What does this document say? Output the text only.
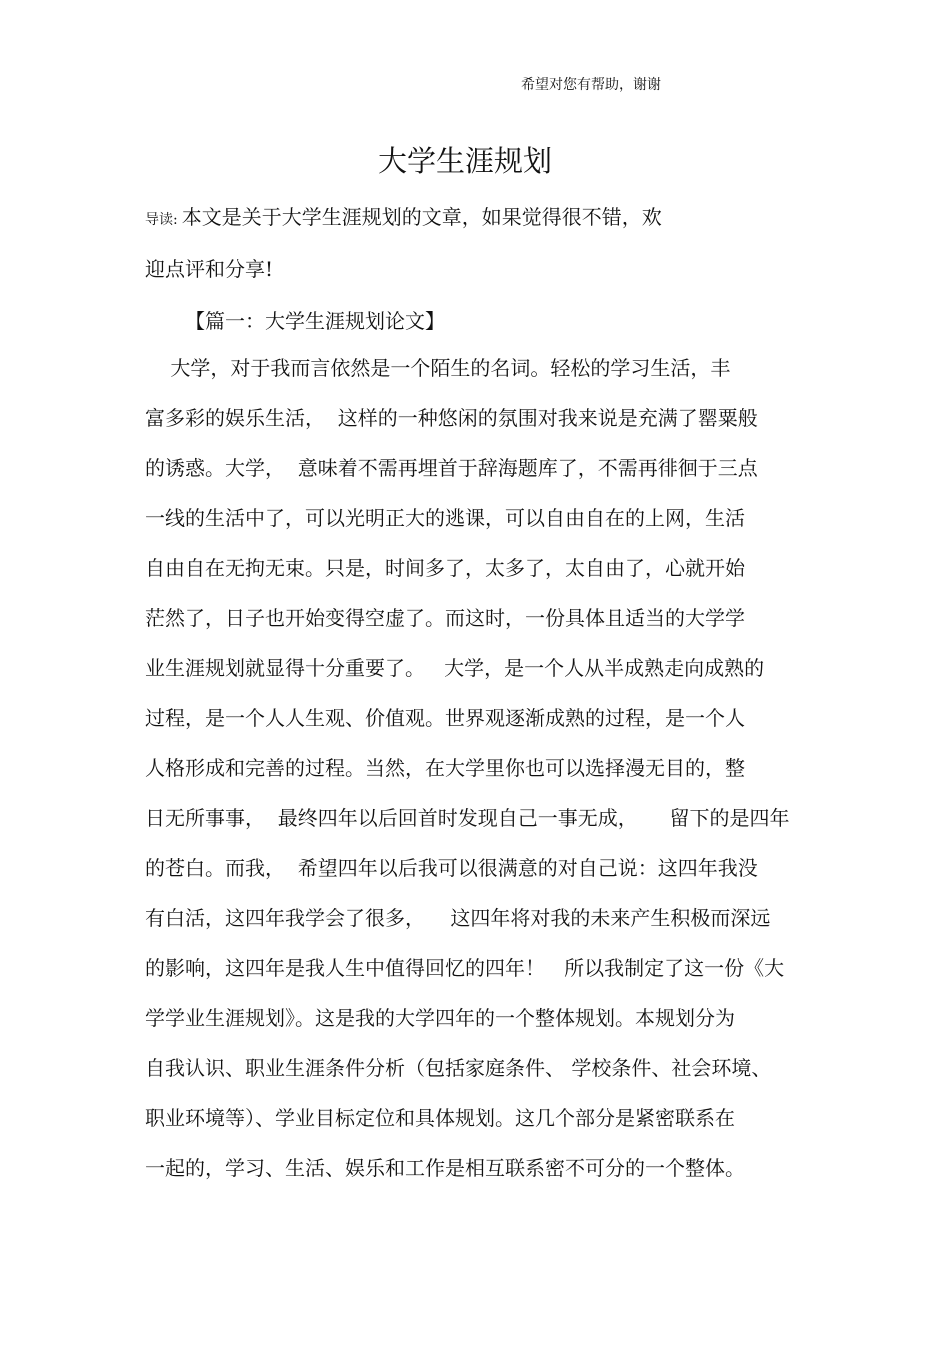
希望对您有帮助，谢谢
大学生涯规划
导读: 本文是关于大学生涯规划的文章，如果觉得很不错，欢
迎点评和分享!
【篇一：大学生涯规划论文】
大学，对于我而言依然是一个陌生的名词。轻松的学习生活，丰
富多彩的娱乐生活，  这样的一种悠闲的氛围对我来说是充满了罂粟般
的诱惑。大学，  意味着不需再埋首于辞海题库了，不需再徘徊于三点
一线的生活中了，可以光明正大的逃课，可以自由自在的上网，生活
自由自在无拘无束。只是，时间多了，太多了，太自由了，心就开始
茫然了，日子也开始变得空虚了。而这时，一份具体且适当的大学学
业生涯规划就显得十分重要了。   大学，是一个人从半成熟走向成熟的
过程，是一个人人生观、价值观。世界观逐渐成熟的过程，是一个人
人格形成和完善的过程。当然，在大学里你也可以选择漫无目的，整
日无所事事，  最终四年以后回首时发现自己一事无成，     留下的是四年
的苍白。而我，  希望四年以后我可以很满意的对自己说：这四年我没
有白活，这四年我学会了很多，    这四年将对我的未来产生积极而深远
的影响，这四年是我人生中值得回忆的四年！   所以我制定了这一份《大
学学业生涯规划》。这是我的大学四年的一个整体规划。本规划分为
自我认识、职业生涯条件分析（包括家庭条件、 学校条件、社会环境、
职业环境等）、学业目标定位和具体规划。这几个部分是紧密联系在
一起的，学习、生活、娱乐和工作是相互联系密不可分的一个整体。
